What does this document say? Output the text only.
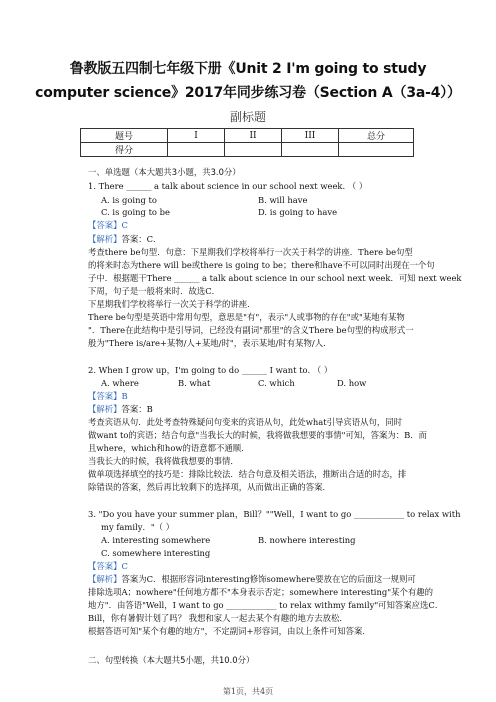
鲁教版五四制七年级下册《Unit 2 I'm going to study
computer science》2017年同步练习卷（Section A（3a-4））
副标题
题号	I	II	III	总分
得分				
一、单选题（本大题共3小题，共3.0分）
1. There ______ a talk about science in our school next week. （ ）
A. is going to	B. will have
C. is going to be	D. is going to have
【答案】C
【解析】答案：C．
考查there be句型．句意：下星期我们学校将举行一次关于科学的讲座．There be句型
的将来时态为there will be或there is going to be；there和have不可以同时出现在一个句
子中．根据题干There ______ a talk about science in our school next week．可知 next week
下周，句子是一般将来时．故选C．
下星期我们学校将举行一次关于科学的讲座．
There be句型是英语中常用句型，意思是"有"，表示"人或事物的存在"或"某地有某物
"．There在此结构中是引导词，已经没有副词"那里"的含义There be句型的构成形式一
般为"There is/are+某物/人+某地/时"，表示某地/时有某物/人．
2. When I grow up，I'm going to do ______ I want to. （ ）
A. where	B. what	C. which	D. how
【答案】B
【解析】答案：B
考查宾语从句．此处考查特殊疑问句变来的宾语从句，此处what引导宾语从句，同时
做want to的宾语；结合句意"当我长大的时候，我将做我想要的事情"可知，答案为：B．而
且where，which和how的语意都不通顺．
当我长大的时候，我将做我想要的事情．
做单项选择填空的技巧是：排除比较法．结合句意及相关语法，推断出合适的时态，排
除错误的答案，然后再比较剩下的选择项，从而做出正确的答案．
3. "Do you have your summer plan，Bill？""Well，I want to go ____________ to relax with
my family．"（ ）
A. interesting somewhere	B. nowhere interesting
C. somewhere interesting
【答案】C
【解析】答案为C．根据形容词interesting修饰somewhere要放在它的后面这一规则可
排除选项A；nowhere"任何地方都不"本身表示否定；somewhere interesting"某个有趣的
地方"．由答语"Well，I want to go ____________ to relax withmy family"可知答案应选C．
Bill，你有暑假计划了吗？ 我想和家人一起去某个有趣的地方去放松．
根据答语可知"某个有趣的地方"，不定副词+形容词，由以上条件可知答案．
二、句型转换（本大题共5小题，共10.0分）
第1页，共4页
